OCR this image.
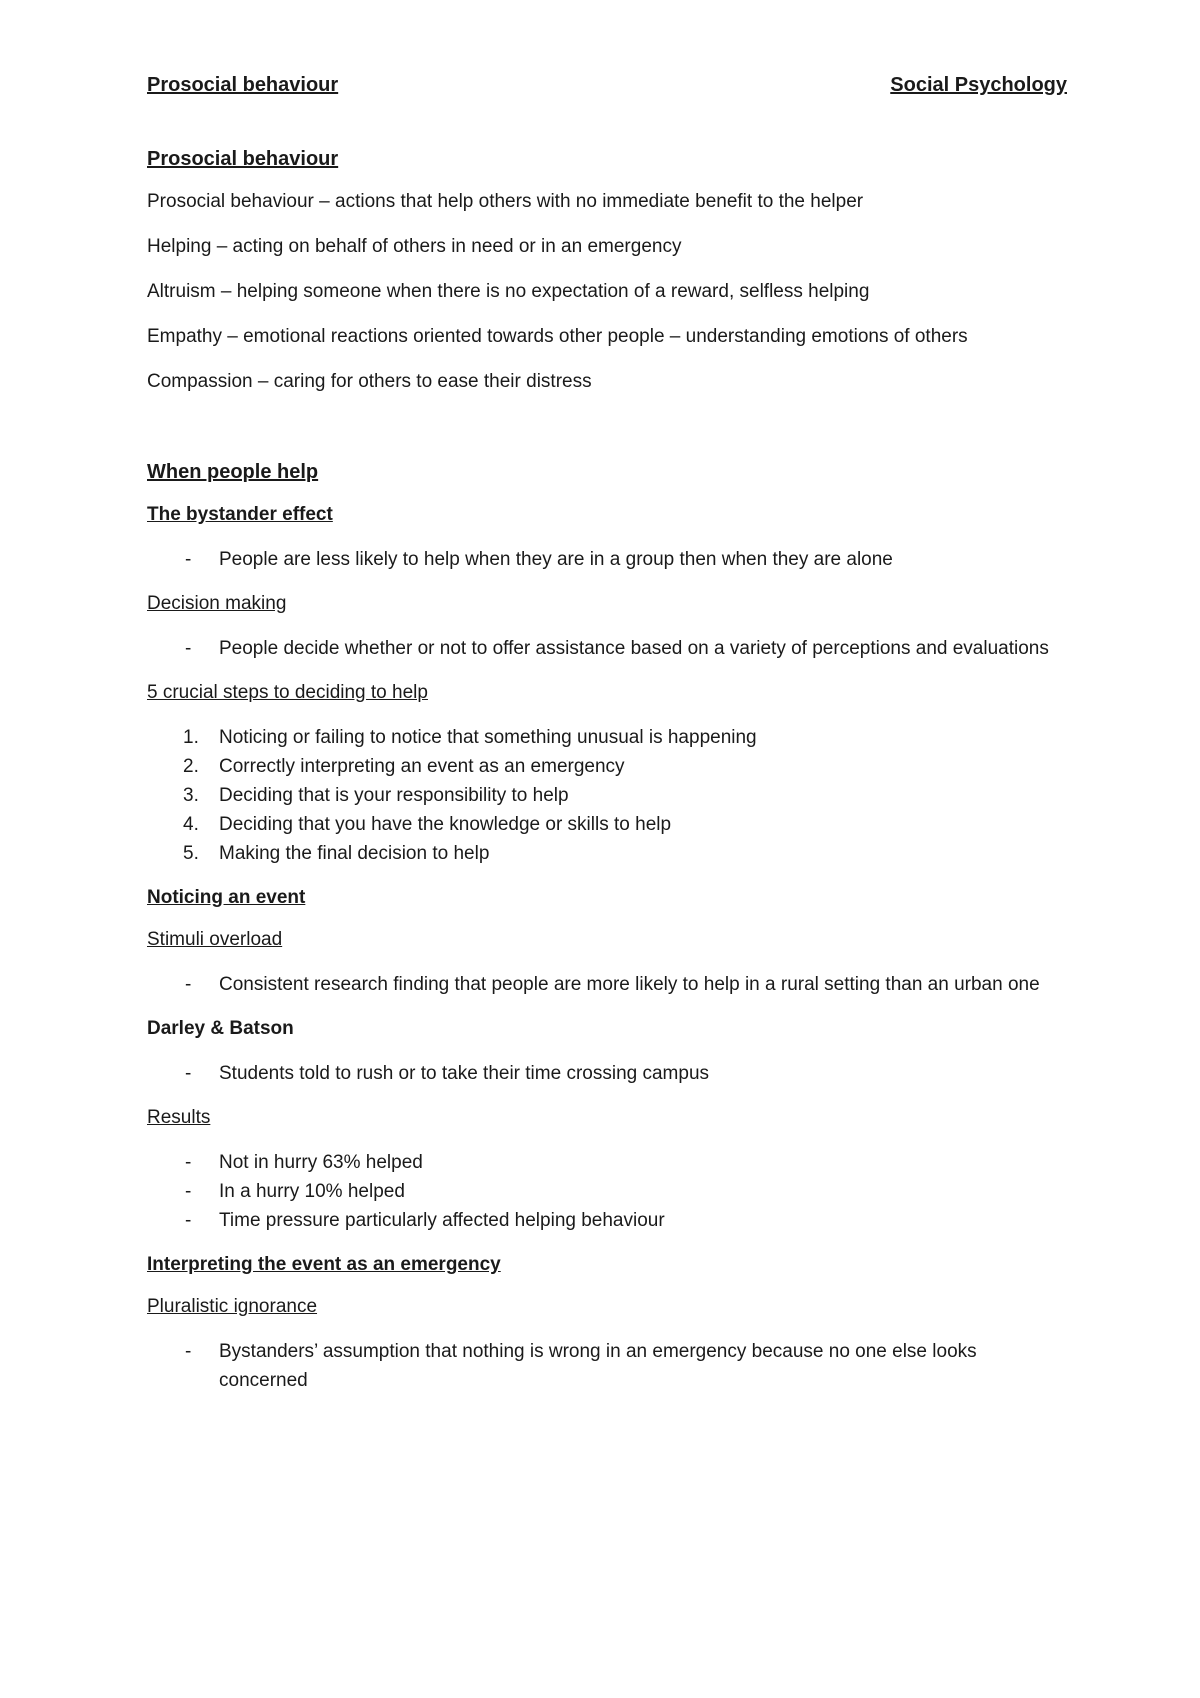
Prosocial behaviour	Social Psychology
Prosocial behaviour
Prosocial behaviour – actions that help others with no immediate benefit to the helper
Helping – acting on behalf of others in need or in an emergency
Altruism – helping someone when there is no expectation of a reward, selfless helping
Empathy – emotional reactions oriented towards other people – understanding emotions of others
Compassion – caring for others to ease their distress
When people help
The bystander effect
- People are less likely to help when they are in a group then when they are alone
Decision making
- People decide whether or not to offer assistance based on a variety of perceptions and evaluations
5 crucial steps to deciding to help
1. Noticing or failing to notice that something unusual is happening
2. Correctly interpreting an event as an emergency
3. Deciding that is your responsibility to help
4. Deciding that you have the knowledge or skills to help
5. Making the final decision to help
Noticing an event
Stimuli overload
- Consistent research finding that people are more likely to help in a rural setting than an urban one
Darley & Batson
- Students told to rush or to take their time crossing campus
Results
- Not in hurry 63% helped
- In a hurry 10% helped
- Time pressure particularly affected helping behaviour
Interpreting the event as an emergency
Pluralistic ignorance
- Bystanders’ assumption that nothing is wrong in an emergency because no one else looks concerned
